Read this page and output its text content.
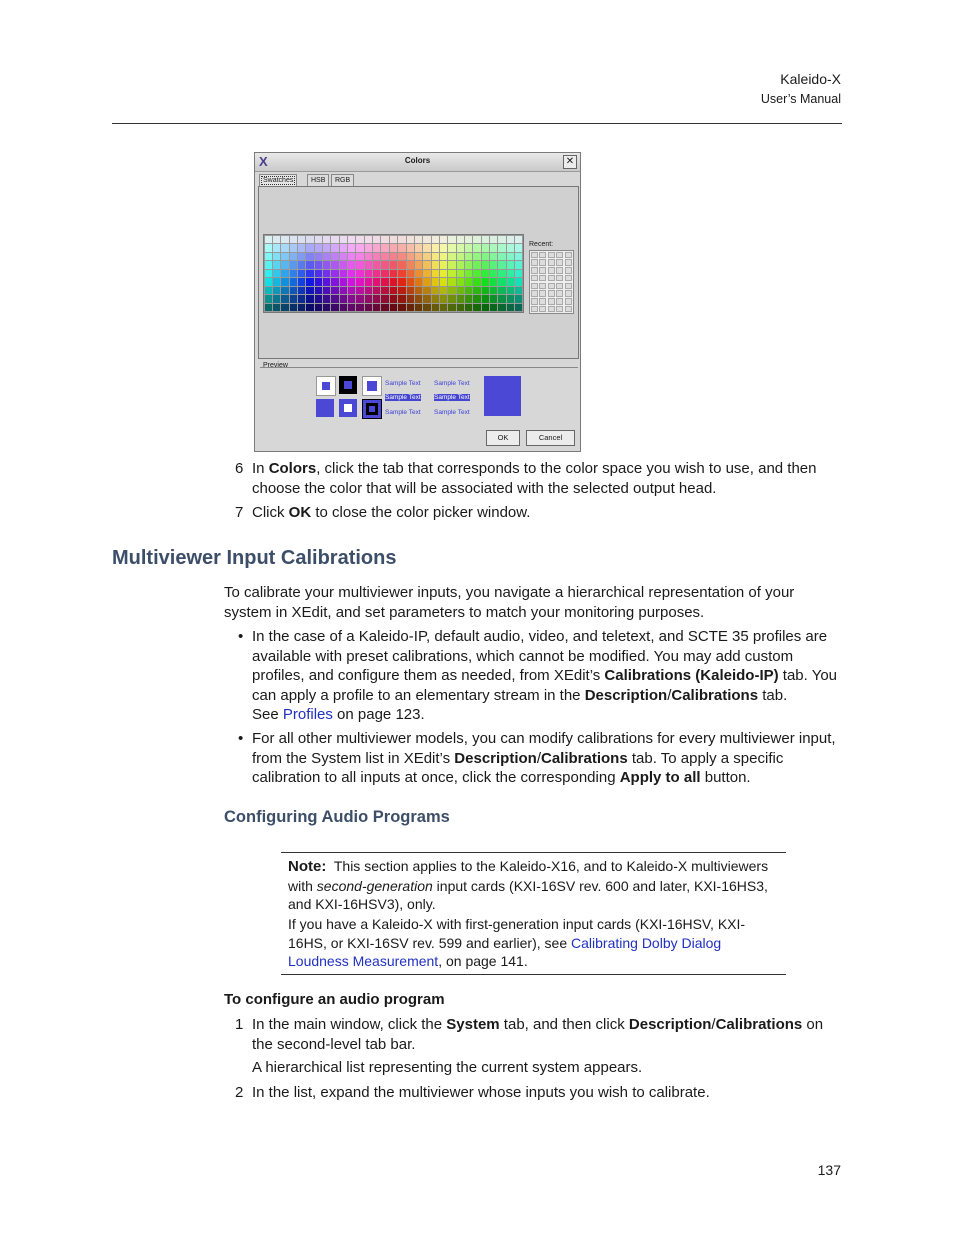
Kaleido-X
User’s Manual
X	Colors	✕
Swatches	HSB	RGB
Recent:
Preview
Sample Text Sample Text
Sample Text Sample Text
Sample Text Sample Text
OK	Cancel
6 In Colors, click the tab that corresponds to the color space you wish to use, and then choose the color that will be associated with the selected output head.
7 Click OK to close the color picker window.
Multiviewer Input Calibrations
To calibrate your multiviewer inputs, you navigate a hierarchical representation of your system in XEdit, and set parameters to match your monitoring purposes.
• In the case of a Kaleido-IP, default audio, video, and teletext, and SCTE 35 profiles are available with preset calibrations, which cannot be modified. You may add custom profiles, and configure them as needed, from XEdit’s Calibrations (Kaleido-IP) tab. You can apply a profile to an elementary stream in the Description/Calibrations tab.
See Profiles on page 123.
• For all other multiviewer models, you can modify calibrations for every multiviewer input, from the System list in XEdit’s Description/Calibrations tab. To apply a specific calibration to all inputs at once, click the corresponding Apply to all button.
Configuring Audio Programs
Note: This section applies to the Kaleido-X16, and to Kaleido-X multiviewers with second-generation input cards (KXI-16SV rev. 600 and later, KXI-16HS3, and KXI-16HSV3), only.
If you have a Kaleido-X with first-generation input cards (KXI-16HSV, KXI-16HS, or KXI-16SV rev. 599 and earlier), see Calibrating Dolby Dialog Loudness Measurement, on page 141.
To configure an audio program
1 In the main window, click the System tab, and then click Description/Calibrations on the second-level tab bar.
A hierarchical list representing the current system appears.
2 In the list, expand the multiviewer whose inputs you wish to calibrate.
137
